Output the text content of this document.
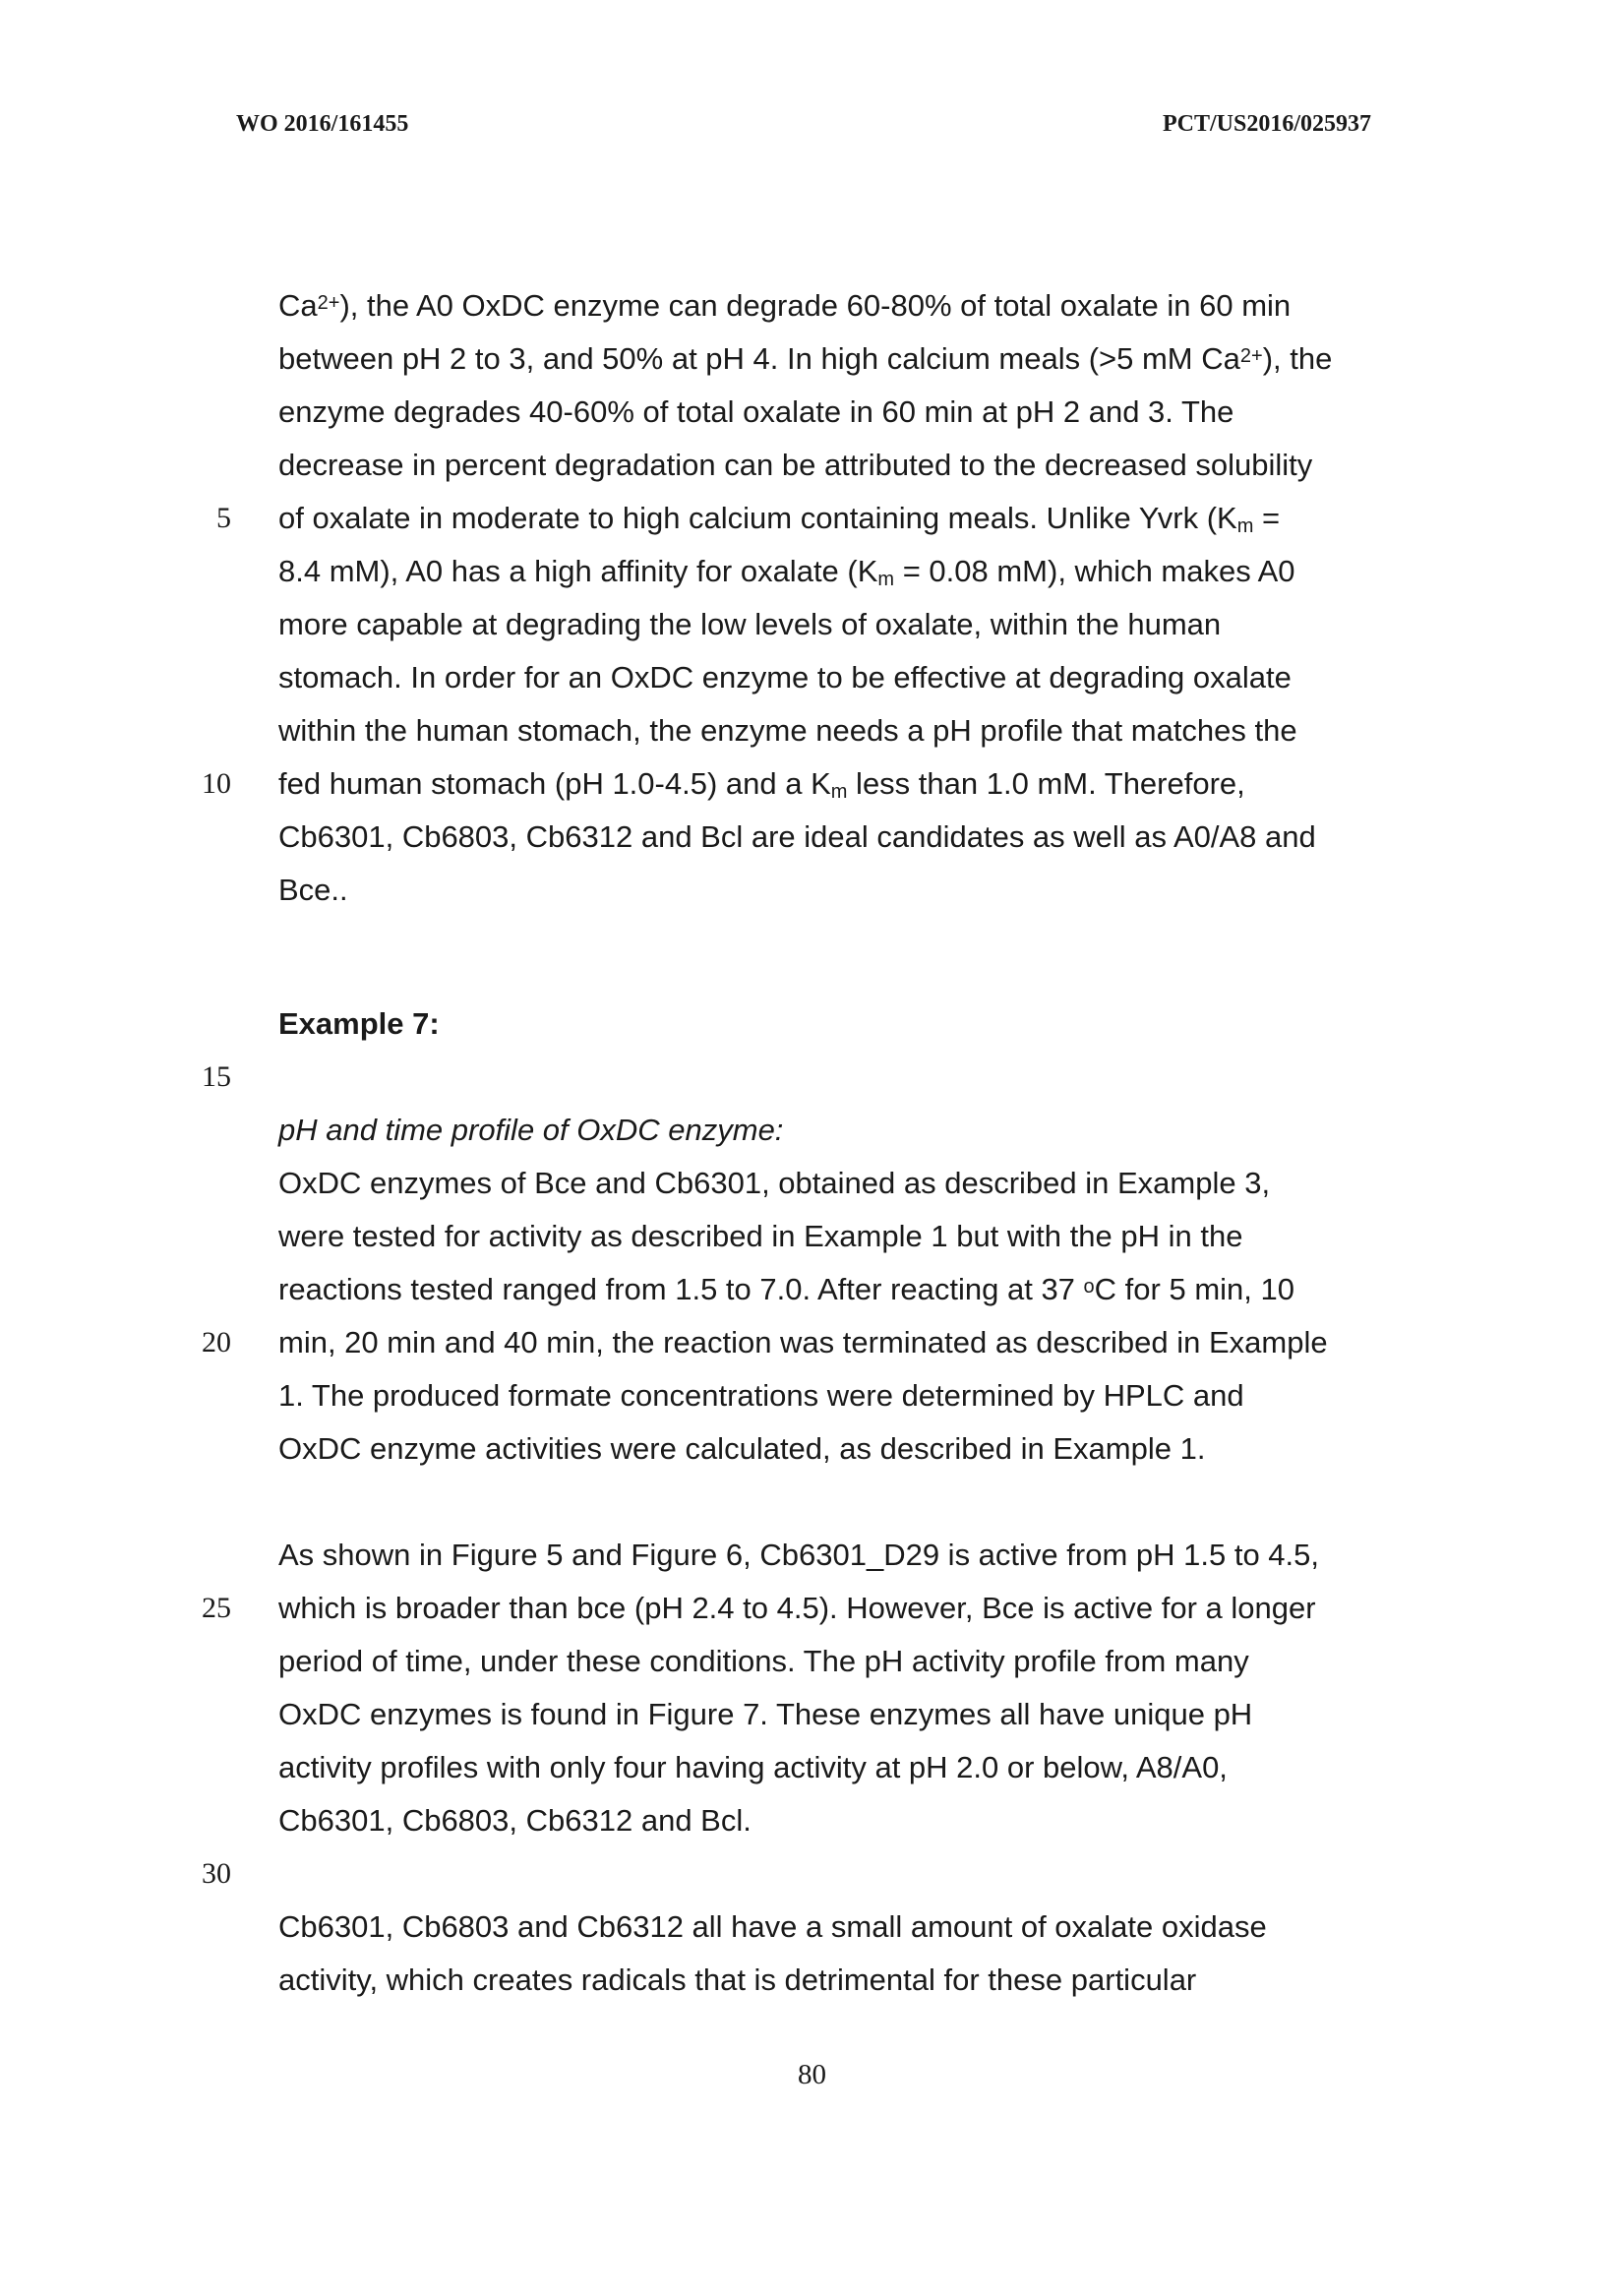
WO 2016/161455	PCT/US2016/025937
$Ca^{2+}$), the A0 OxDC enzyme can degrade 60-80% of total oxalate in 60 min
between pH 2 to 3, and 50% at pH 4. In high calcium meals (>5 mM $Ca^{2+}$), the
enzyme degrades 40-60% of total oxalate in 60 min at pH 2 and 3. The
decrease in percent degradation can be attributed to the decreased solubility
of oxalate in moderate to high calcium containing meals. Unlike Yvrk ($K_m$ =
8.4 mM), A0 has a high affinity for oxalate ($K_m = 0.08$ mM), which makes A0
more capable at degrading the low levels of oxalate, within the human
stomach. In order for an OxDC enzyme to be effective at degrading oxalate
within the human stomach, the enzyme needs a pH profile that matches the
fed human stomach (pH 1.0-4.5) and a $K_m$ less than 1.0 mM. Therefore,
Cb6301, Cb6803, Cb6312 and Bcl are ideal candidates as well as A0/A8 and
Bce..
Example 7:
pH and time profile of OxDC enzyme:
OxDC enzymes of Bce and Cb6301, obtained as described in Example 3,
were tested for activity as described in Example 1 but with the pH in the
reactions tested ranged from 1.5 to 7.0. After reacting at 37 $^o$C for 5 min, 10
min, 20 min and 40 min, the reaction was terminated as described in Example
1. The produced formate concentrations were determined by HPLC and
OxDC enzyme activities were calculated, as described in Example 1.
As shown in Figure 5 and Figure 6, Cb6301_D29 is active from pH 1.5 to 4.5,
which is broader than bce (pH 2.4 to 4.5). However, Bce is active for a longer
period of time, under these conditions. The pH activity profile from many
OxDC enzymes is found in Figure 7. These enzymes all have unique pH
activity profiles with only four having activity at pH 2.0 or below, A8/A0,
Cb6301, Cb6803, Cb6312 and Bcl.
Cb6301, Cb6803 and Cb6312 all have a small amount of oxalate oxidase
activity, which creates radicals that is detrimental for these particular
5
10
15
20
25
30
80
